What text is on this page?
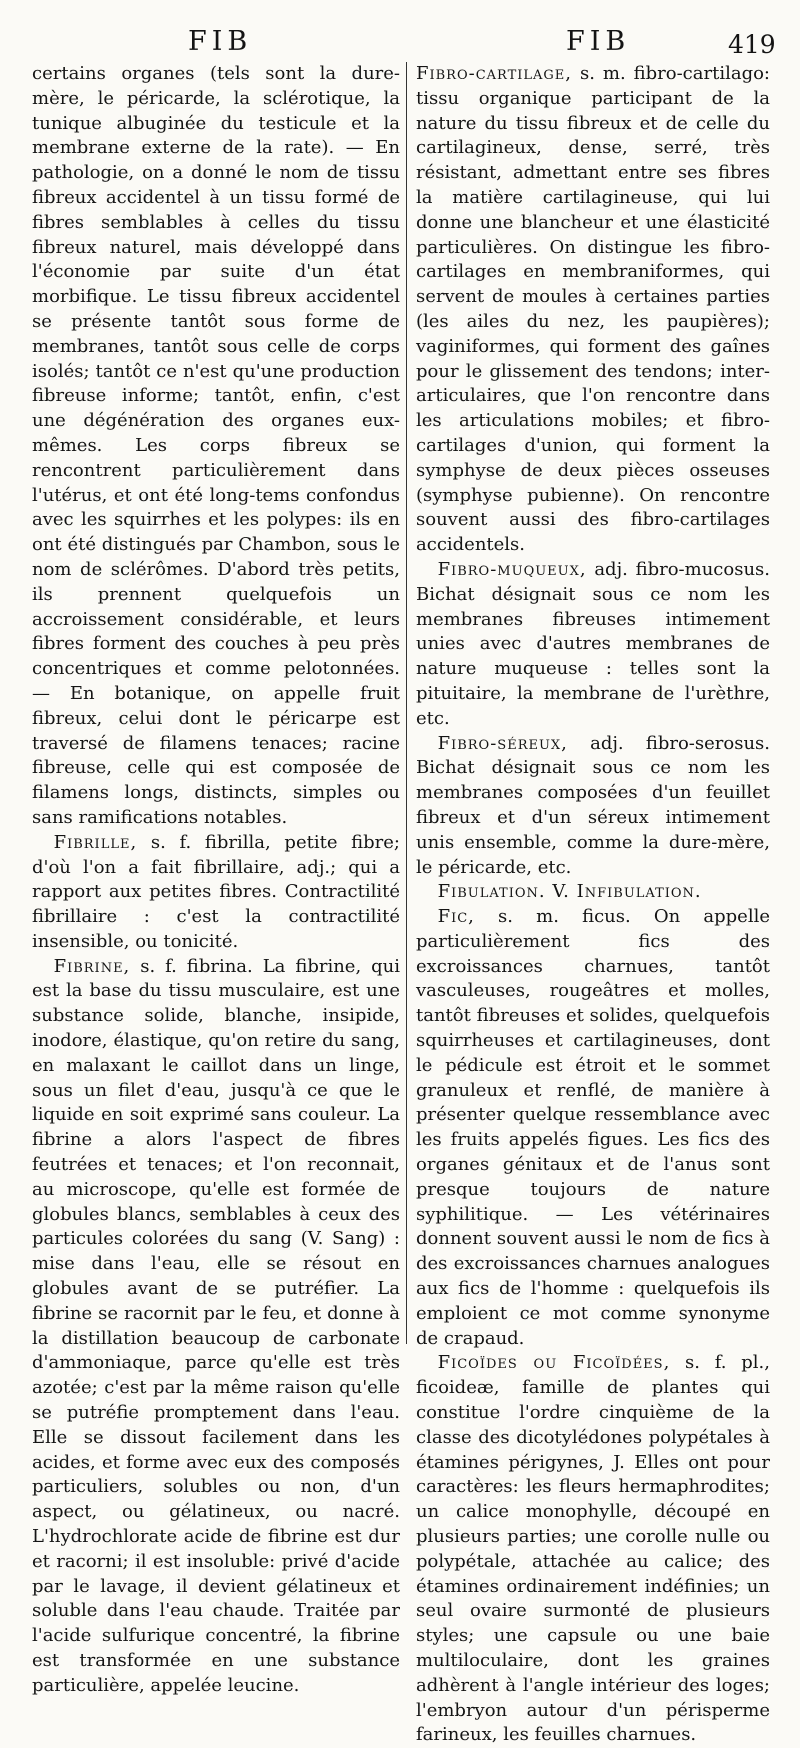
FIB	FIB	419

certains organes (tels sont la dure-mère, le péricarde, la sclérotique, la tunique albuginée du testicule et la membrane externe de la rate). — En pathologie, on a donné le nom de tissu fibreux accidentel à un tissu formé de fibres semblables à celles du tissu fibreux naturel, mais développé dans l'économie par suite d'un état morbifique. Le tissu fibreux accidentel se présente tantôt sous forme de membranes, tantôt sous celle de corps isolés; tantôt ce n'est qu'une production fibreuse informe; tantôt, enfin, c'est une dégénération des organes eux-mêmes. Les corps fibreux se rencontrent particulièrement dans l'utérus, et ont été long-tems confondus avec les squirrhes et les polypes: ils en ont été distingués par Chambon, sous le nom de sclérômes. D'abord très petits, ils prennent quelquefois un accroissement considérable, et leurs fibres forment des couches à peu près concentriques et comme pelotonnées. — En botanique, on appelle fruit fibreux, celui dont le péricarpe est traversé de filamens tenaces; racine fibreuse, celle qui est composée de filamens longs, distincts, simples ou sans ramifications notables.

Fibrille, s. f. fibrilla, petite fibre; d'où l'on a fait fibrillaire, adj.; qui a rapport aux petites fibres. Contractilité fibrillaire : c'est la contractilité insensible, ou tonicité.

Fibrine, s. f. fibrina. La fibrine, qui est la base du tissu musculaire, est une substance solide, blanche, insipide, inodore, élastique, qu'on retire du sang, en malaxant le caillot dans un linge, sous un filet d'eau, jusqu'à ce que le liquide en soit exprimé sans couleur. La fibrine a alors l'aspect de fibres feutrées et tenaces; et l'on reconnait, au microscope, qu'elle est formée de globules blancs, semblables à ceux des particules colorées du sang (V. Sang) : mise dans l'eau, elle se résout en globules avant de se putréfier. La fibrine se racornit par le feu, et donne à la distillation beaucoup de carbonate d'ammoniaque, parce qu'elle est très azotée; c'est par la même raison qu'elle se putréfie promptement dans l'eau. Elle se dissout facilement dans les acides, et forme avec eux des composés particuliers, solubles ou non, d'un aspect, ou gélatineux, ou nacré. L'hydrochlorate acide de fibrine est dur et racorni; il est insoluble: privé d'acide par le lavage, il devient gélatineux et soluble dans l'eau chaude. Traitée par l'acide sulfurique concentré, la fibrine est transformée en une substance particulière, appelée leucine.

Fibro-cartilage, s. m. fibro-cartilago: tissu organique participant de la nature du tissu fibreux et de celle du cartilagineux, dense, serré, très résistant, admettant entre ses fibres la matière cartilagineuse, qui lui donne une blancheur et une élasticité particulières. On distingue les fibro-cartilages en membraniformes, qui servent de moules à certaines parties (les ailes du nez, les paupières); vaginiformes, qui forment des gaînes pour le glissement des tendons; inter-articulaires, que l'on rencontre dans les articulations mobiles; et fibro-cartilages d'union, qui forment la symphyse de deux pièces osseuses (symphyse pubienne). On rencontre souvent aussi des fibro-cartilages accidentels.

Fibro-muqueux, adj. fibro-mucosus. Bichat désignait sous ce nom les membranes fibreuses intimement unies avec d'autres membranes de nature muqueuse : telles sont la pituitaire, la membrane de l'urèthre, etc.

Fibro-séreux, adj. fibro-serosus. Bichat désignait sous ce nom les membranes composées d'un feuillet fibreux et d'un séreux intimement unis ensemble, comme la dure-mère, le péricarde, etc.

Fibulation. V. Infibulation.

Fic, s. m. ficus. On appelle particulièrement fics des excroissances charnues, tantôt vasculeuses, rougeâtres et molles, tantôt fibreuses et solides, quelquefois squirrheuses et cartilagineuses, dont le pédicule est étroit et le sommet granuleux et renflé, de manière à présenter quelque ressemblance avec les fruits appelés figues. Les fics des organes génitaux et de l'anus sont presque toujours de nature syphilitique. — Les vétérinaires donnent souvent aussi le nom de fics à des excroissances charnues analogues aux fics de l'homme : quelquefois ils emploient ce mot comme synonyme de crapaud.

Ficoïdes ou Ficoïdées, s. f. pl., ficoideæ, famille de plantes qui constitue l'ordre cinquième de la classe des dicotylédones polypétales à étamines périgynes, J. Elles ont pour caractères: les fleurs hermaphrodites; un calice monophylle, découpé en plusieurs parties; une corolle nulle ou polypétale, attachée au calice; des étamines ordinairement indéfinies; un seul ovaire surmonté de plusieurs styles; une capsule ou une baie multiloculaire, dont les graines adhèrent à l'angle intérieur des loges; l'embryon autour d'un périsperme farineux, les feuilles charnues.
